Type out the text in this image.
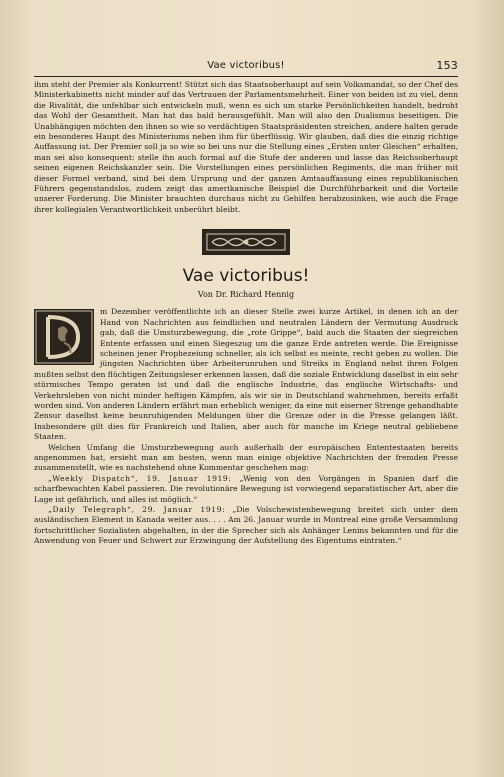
Vae victoribus!	153

ihm steht der Premier als Konkurrent! Stützt sich das Staatsoberhaupt auf sein Volksmandat, so der Chef des Ministerkabinetts nicht minder auf das Vertrauen der Parlamentsmehrheit. Einer von beiden ist zu viel, denn die Rivalität, die unfehlbar sich entwickeln muß, wenn es sich um starke Persönlichkeiten handelt, bedroht das Wohl der Gesamtheit. Man hat das bald herausgefühlt. Man will also den Dualismus beseitigen. Die Unabhängigen möchten den ihnen so wie so verdächtigen Staatspräsidenten streichen, andere halten gerade ein besonderes Haupt des Ministeriums neben ihm für überflüssig. Wir glauben, daß dies die einzig richtige Auffassung ist. Der Premier soll ja so wie so bei uns nur die Stellung eines „Ersten unter Gleichen“ erhalten, man sei also konsequent: stelle ihn auch formal auf die Stufe der anderen und lasse das Reichsoberhaupt seinen eigenen Reichskanzler sein. Die Vorstellungen eines persönlichen Regiments, die man früher mit dieser Formel verband, sind bei dem Ursprung und der ganzen Amtsauffassung eines republikanischen Führers gegenstandslos, zudem zeigt das amerikanische Beispiel die Durchführbarkeit und die Vorteile unserer Forderung. Die Minister brauchten durchaus nicht zu Gehilfen herabzusinken, wie auch die Frage ihrer kollegialen Verantwortlichkeit unberührt bleibt.

Vae victoribus!
Von Dr. Richard Hennig

m Dezember veröffentlichte ich an dieser Stelle zwei kurze Artikel, in denen ich an der Hand von Nachrichten aus feindlichen und neutralen Ländern der Vermutung Ausdruck gab, daß die Umsturzbewegung, die „rote Grippe“, bald auch die Staaten der siegreichen Entente erfassen und einen Siegeszug um die ganze Erde antreten werde. Die Ereignisse scheinen jener Prophezeiung schneller, als ich selbst es meinte, recht geben zu wollen. Die jüngsten Nachrichten über Arbeiterunruhen und Streiks in England nebst ihren Folgen mußten selbst den flüchtigen Zeitungsleser erkennen lassen, daß die soziale Entwicklung daselbst in ein sehr stürmisches Tempo geraten ist und daß die englische Industrie, das englische Wirtschafts- und Verkehrsleben von nicht minder heftigen Kämpfen, als wir sie in Deutschland wahrnehmen, bereits erfaßt worden sind. Von anderen Ländern erfährt man erheblich weniger, da eine mit eiserner Strenge gehandhabte Zensur daselbst keine beunruhigenden Meldungen über die Grenze oder in die Presse gelangen läßt. Insbesondere gilt dies für Frankreich und Italien, aber auch für manche im Kriege neutral gebliebene Staaten.

Welchen Umfang die Umsturzbewegung auch außerhalb der europäischen Ententestaaten bereits angenommen hat, ersieht man am besten, wenn man einige objektive Nachrichten der fremden Presse zusammenstellt, wie es nachstehend ohne Kommentar geschehen mag:

„Weekly Dispatch“, 19. Januar 1919: „Wenig von den Vorgängen in Spanien darf die scharfbewachten Kabel passieren. Die revolutionäre Bewegung ist vorwiegend separatistischer Art, aber die Lage ist gefährlich, und alles ist möglich.“

„Daily Telegraph“, 29. Januar 1919: „Die Volschewistenbewegung breitet sich unter dem ausländischen Element in Kanada weiter aus. . . . Am 26. Januar wurde in Montreal eine große Versammlung fortschrittlicher Sozialisten abgehalten, in der die Sprecher sich als Anhänger Lenins bekannten und für die Anwendung von Feuer und Schwert zur Erzwingung der Aufstellung des Eigentums eintraten.“
